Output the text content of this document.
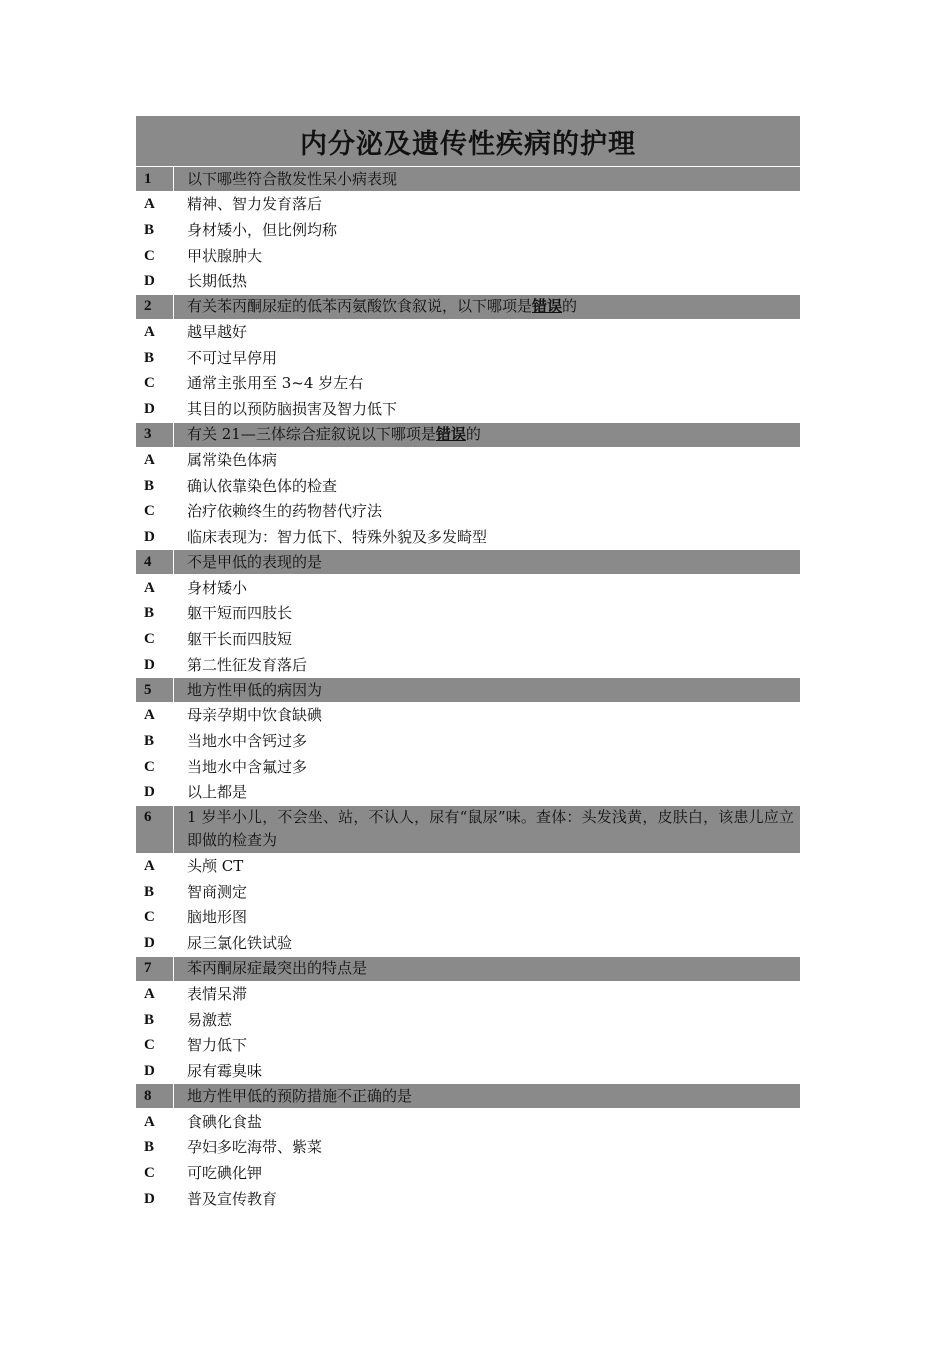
内分泌及遗传性疾病的护理
1	以下哪些符合散发性呆小病表现
A	精神、智力发育落后
B	身材矮小，但比例均称
C	甲状腺肿大
D	长期低热
2	有关苯丙酮尿症的低苯丙氨酸饮食叙说，以下哪项是错误的
A	越早越好
B	不可过早停用
C	通常主张用至 3~4 岁左右
D	其目的以预防脑损害及智力低下
3	有关 21—三体综合症叙说以下哪项是错误的
A	属常染色体病
B	确认依靠染色体的检查
C	治疗依赖终生的药物替代疗法
D	临床表现为：智力低下、特殊外貌及多发畸型
4	不是甲低的表现的是
A	身材矮小
B	躯干短而四肢长
C	躯干长而四肢短
D	第二性征发育落后
5	地方性甲低的病因为
A	母亲孕期中饮食缺碘
B	当地水中含钙过多
C	当地水中含氟过多
D	以上都是
6	1 岁半小儿，不会坐、站，不认人，尿有“鼠尿”味。查体：头发浅黄，皮肤白，该患儿应立即做的检查为
A	头颅 CT
B	智商测定
C	脑地形图
D	尿三氯化铁试验
7	苯丙酮尿症最突出的特点是
A	表情呆滞
B	易激惹
C	智力低下
D	尿有霉臭味
8	地方性甲低的预防措施不正确的是
A	食碘化食盐
B	孕妇多吃海带、紫菜
C	可吃碘化钾
D	普及宣传教育
